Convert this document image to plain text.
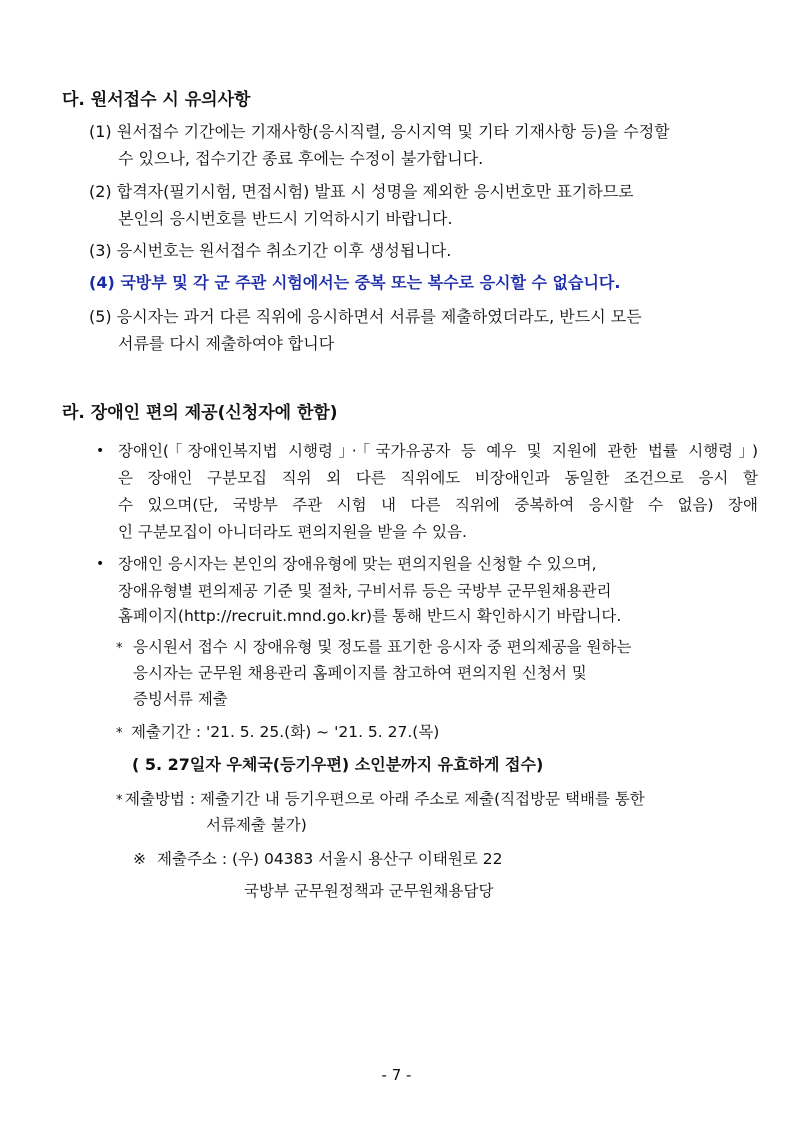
다. 원서접수 시 유의사항
(1) 원서접수 기간에는 기재사항(응시직렬, 응시지역 및 기타 기재사항 등)을 수정할
수 있으나, 접수기간 종료 후에는 수정이 불가합니다.
(2) 합격자(필기시험, 면접시험) 발표 시 성명을 제외한 응시번호만 표기하므로
본인의 응시번호를 반드시 기억하시기 바랍니다.
(3) 응시번호는 원서접수 취소기간 이후 생성됩니다.
(4) 국방부 및 각 군 주관 시험에서는 중복 또는 복수로 응시할 수 없습니다.
(5) 응시자는 과거 다른 직위에 응시하면서 서류를 제출하였더라도, 반드시 모든
서류를 다시 제출하여야 합니다
라. 장애인 편의 제공(신청자에 한함)
• 장애인(「장애인복지법 시행령」·「국가유공자 등 예우 및 지원에 관한 법률 시행령」)
은 장애인 구분모집 직위 외 다른 직위에도 비장애인과 동일한 조건으로 응시 할
수 있으며(단, 국방부 주관 시험 내 다른 직위에 중복하여 응시할 수 없음) 장애
인 구분모집이 아니더라도 편의지원을 받을 수 있음.
• 장애인 응시자는 본인의 장애유형에 맞는 편의지원을 신청할 수 있으며,
장애유형별 편의제공 기준 및 절차, 구비서류 등은 국방부 군무원채용관리
홈페이지(http://recruit.mnd.go.kr)를 통해 반드시 확인하시기 바랍니다.
* 응시원서 접수 시 장애유형 및 정도를 표기한 응시자 중 편의제공을 원하는
응시자는 군무원 채용관리 홈페이지를 참고하여 편의지원 신청서 및
증빙서류 제출
* 제출기간 : '21. 5. 25.(화) ~ '21. 5. 27.(목)
( 5. 27일자 우체국(등기우편) 소인분까지 유효하게 접수)
* 제출방법 : 제출기간 내 등기우편으로 아래 주소로 제출(직접방문 택배를 통한
서류제출 불가)
※ 제출주소 : (우) 04383 서울시 용산구 이태원로 22
국방부 군무원정책과 군무원채용담당
- 7 -
